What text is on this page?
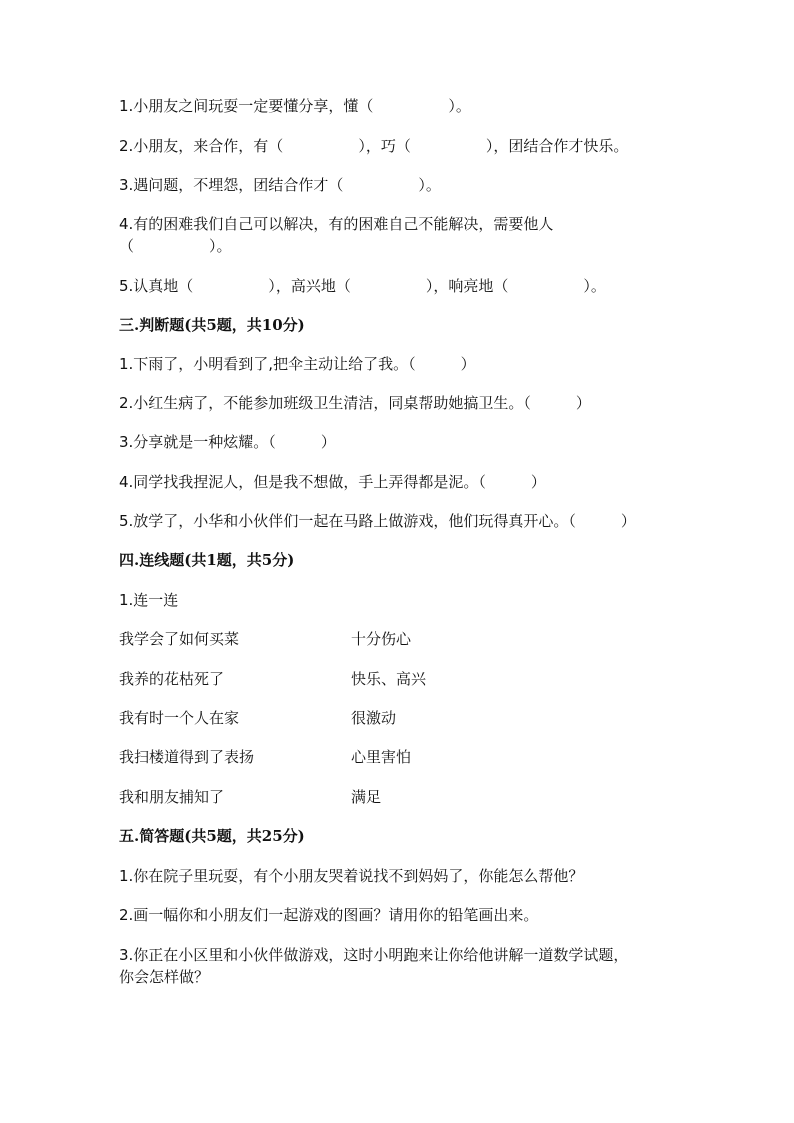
1.小朋友之间玩耍一定要懂分享，懂（　　　　　）。

2.小朋友，来合作，有（　　　　　），巧（　　　　　），团结合作才快乐。

3.遇问题，不埋怨，团结合作才（　　　　　）。

4.有的困难我们自己可以解决，有的困难自己不能解决，需要他人

（　　　　　）。

5.认真地（　　　　　），高兴地（　　　　　），响亮地（　　　　　）。

三.判断题(共5题，共10分)

1.下雨了，小明看到了,把伞主动让给了我。（　　　）

2.小红生病了，不能参加班级卫生清洁，同桌帮助她搞卫生。（　　　）

3.分享就是一种炫耀。（　　　）

4.同学找我捏泥人，但是我不想做，手上弄得都是泥。（　　　）

5.放学了，小华和小伙伴们一起在马路上做游戏，他们玩得真开心。（　　　）

四.连线题(共1题，共5分)

1.连一连

我学会了如何买菜	十分伤心

我养的花枯死了	快乐、高兴

我有时一个人在家	很激动

我扫楼道得到了表扬	心里害怕

我和朋友捕知了	满足

五.简答题(共5题，共25分)

1.你在院子里玩耍，有个小朋友哭着说找不到妈妈了，你能怎么帮他？

2.画一幅你和小朋友们一起游戏的图画？请用你的铅笔画出来。

3.你正在小区里和小伙伴做游戏，这时小明跑来让你给他讲解一道数学试题，

你会怎样做？
